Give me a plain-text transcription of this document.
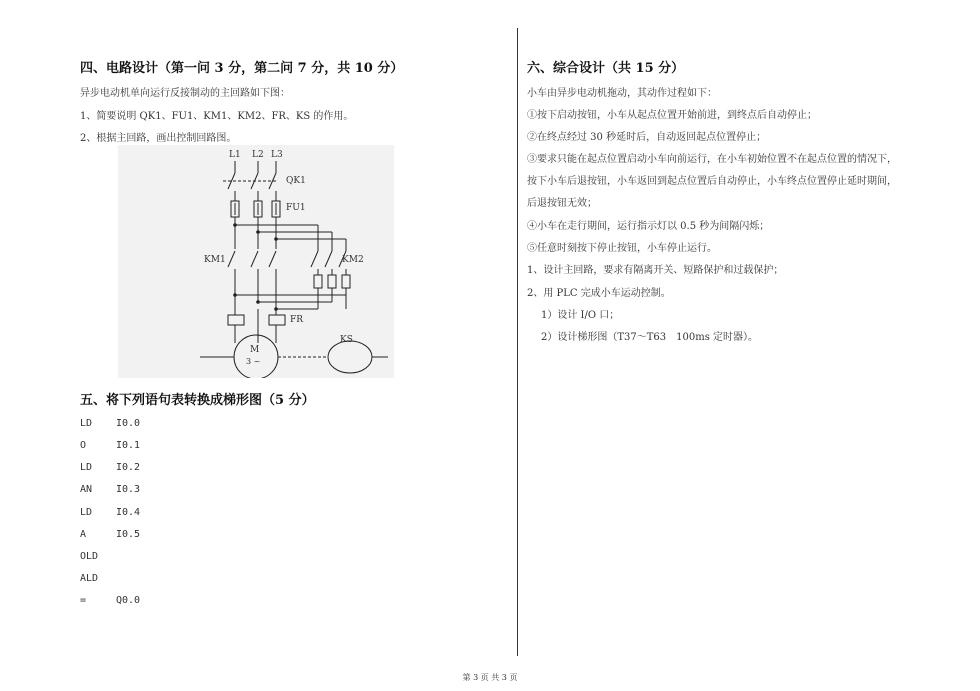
四、电路设计（第一问 3 分，第二问 7 分，共 10 分）
异步电动机单向运行反接制动的主回路如下图：
1、简要说明 QK1、FU1、KM1、KM2、FR、KS 的作用。
2、根据主回路，画出控制回路图。
五、将下列语句表转换成梯形图（5 分）
LD I0.0
O	I0.1
LD I0.2
AN I0.3
LD I0.4
A	I0.5
OLD
ALD
=	Q0.0
L1 L2 L3
QK1
FU1
KM1	KM2
FR
M
3 ~
KS
六、综合设计（共 15 分）
小车由异步电动机拖动，其动作过程如下：
①按下启动按钮，小车从起点位置开始前进，到终点后自动停止；
②在终点经过 30 秒延时后，自动返回起点位置停止；
③要求只能在起点位置启动小车向前运行，在小车初始位置不在起点位置的情况下，
按下小车后退按钮，小车返回到起点位置后自动停止，小车终点位置停止延时期间，
后退按钮无效；
④小车在走行期间，运行指示灯以 0.5 秒为间隔闪烁；
⑤任意时刻按下停止按钮，小车停止运行。
1、设计主回路，要求有隔离开关、短路保护和过载保护；
2、用 PLC 完成小车运动控制。
1）设计 I/O 口；
2）设计梯形图（T37～T63　100ms 定时器）。
第 3 页 共 3 页
